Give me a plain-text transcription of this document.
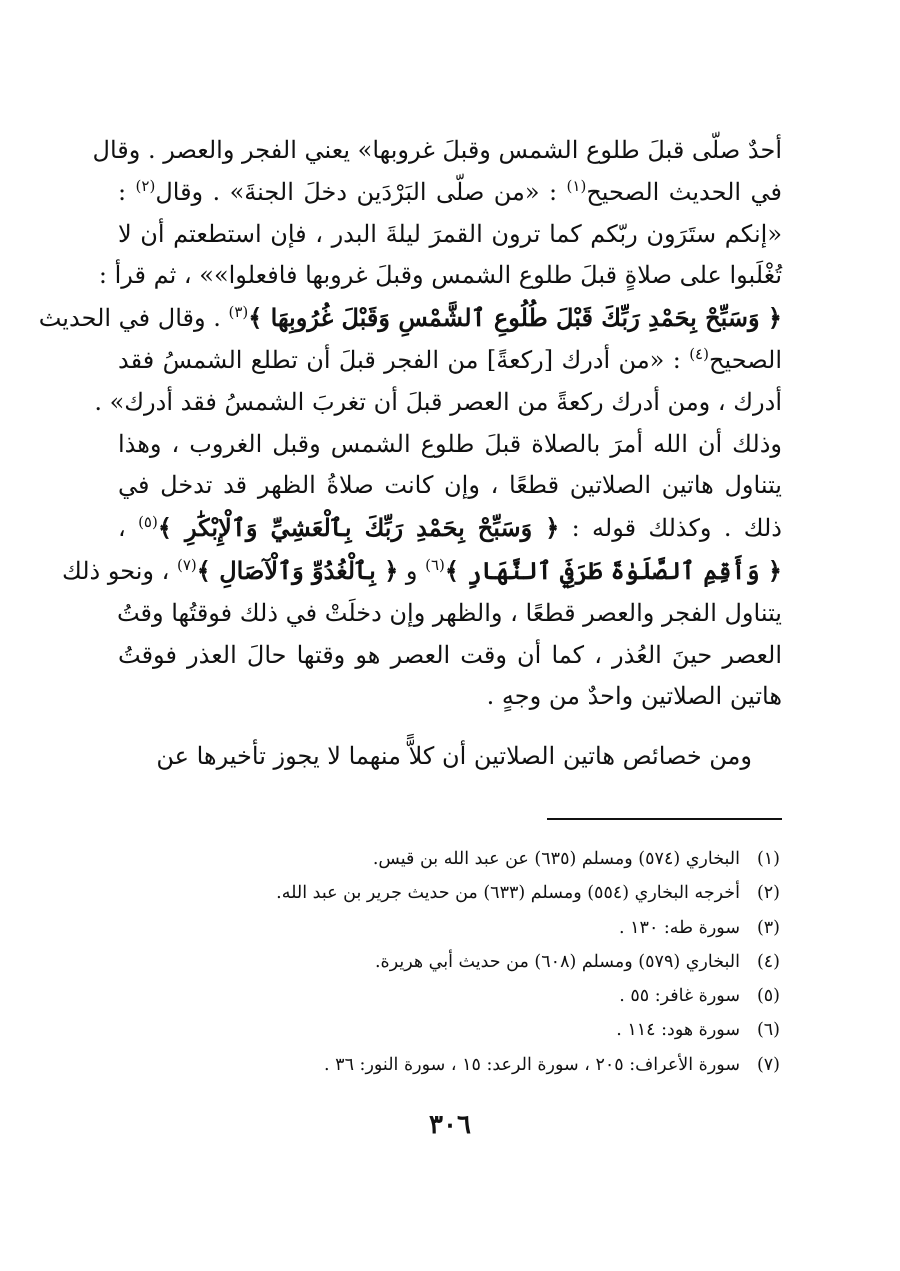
أحدٌ صلّى قبلَ طلوع الشمس وقبلَ غروبها» يعني الفجر والعصر . وقال
في الحديث الصحيح$^{(١)}$ : «من صلّى البَرْدَين دخلَ الجنةَ» . وقال$^{(٢)}$ :
«إنكم ستَرَون ربّكم كما ترون القمرَ ليلةَ البدر ، فإن استطعتم أن لا
تُغْلَبوا على صلاةٍ قبلَ طلوع الشمس وقبلَ غروبها فافعلوا»» ، ثم قرأ :
﴿ وَسَبِّحْ بِحَمْدِ رَبِّكَ قَبْلَ طُلُوعِ ٱلشَّمْسِ وَقَبْلَ غُرُوبِهَا ﴾$^{(٣)}$ . وقال في الحديث
الصحيح$^{(٤)}$ : «من أدرك [ركعةً] من الفجر قبلَ أن تطلع الشمسُ فقد
أدرك ، ومن أدرك ركعةً من العصر قبلَ أن تغربَ الشمسُ فقد أدرك» .
وذلك أن الله أمرَ بالصلاة قبلَ طلوع الشمس وقبل الغروب ، وهذا
يتناول هاتين الصلاتين قطعًا ، وإن كانت صلاةُ الظهر قد تدخل في
ذلك . وكذلك قوله : ﴿ وَسَبِّحْ بِحَمْدِ رَبِّكَ بِٱلْعَشِيِّ وَٱلْإِبْكَٰرِ ﴾$^{(٥)}$ ،
﴿ وَأَقِمِ ٱلصَّلَوٰةَ طَرَفَيِ ٱلنَّهَارِ ﴾$^{(٦)}$ و ﴿ بِٱلْغُدُوِّ وَٱلْآصَالِ ﴾$^{(٧)}$ ، ونحو ذلك
يتناول الفجر والعصر قطعًا ، والظهر وإن دخلَتْ في ذلك فوقتُها وقتُ
العصر حينَ العُذر ، كما أن وقت العصر هو وقتها حالَ العذر فوقتُ
هاتين الصلاتين واحدٌ من وجهٍ .

ومن خصائص هاتين الصلاتين أن كلاًّ منهما لا يجوز تأخيرها عن

(١)
البخاري (٥٧٤) ومسلم (٦٣٥) عن عبد الله بن قيس.
(٢)
أخرجه البخاري (٥٥٤) ومسلم (٦٣٣) من حديث جرير بن عبد الله.
(٣)
سورة طه: ١٣٠ .
(٤)
البخاري (٥٧٩) ومسلم (٦٠٨) من حديث أبي هريرة.
(٥)
سورة غافر: ٥٥ .
(٦)
سورة هود: ١١٤ .
(٧)
سورة الأعراف: ٢٠٥ ، سورة الرعد: ١٥ ، سورة النور: ٣٦ .
٣٠٦
